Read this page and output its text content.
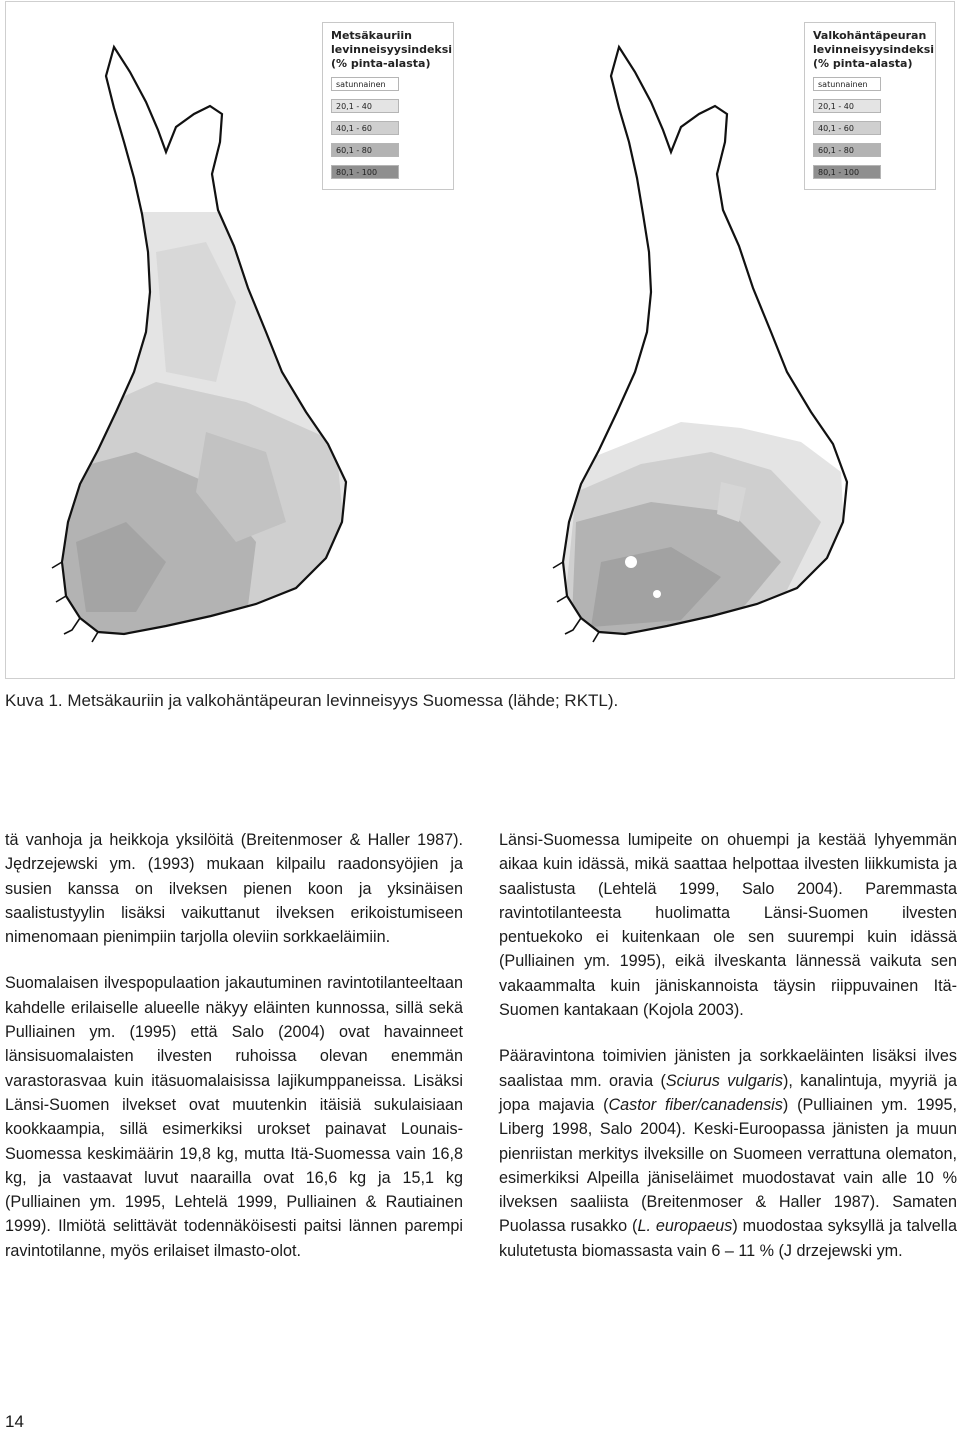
Metsäkauriin levinneisyysindeksi (% pinta-alasta)
satunnainen
20,1 - 40
40,1 - 60
60,1 - 80
80,1 - 100
Valkohäntäpeuran levinneisyysindeksi (% pinta-alasta)
satunnainen
20,1 - 40
40,1 - 60
60,1 - 80
80,1 - 100
Kuva 1. Metsäkauriin ja valkohäntäpeuran levinneisyys Suomessa (lähde; RKTL).

tä vanhoja ja heikkoja yksilöitä (Breitenmoser & Haller 1987). Jędrzejewski ym. (1993) mukaan kilpailu raadonsyöjien ja susien kanssa on ilveksen pienen koon ja yksinäisen saalistustyylin lisäksi vaikuttanut ilveksen erikoistumiseen nimenomaan pienimpiin tarjolla oleviin sorkkaeläimiin.

Suomalaisen ilvespopulaation jakautuminen ravintotilanteeltaan kahdelle erilaiselle alueelle näkyy eläinten kunnossa, sillä sekä Pulliainen ym. (1995) että Salo (2004) ovat havainneet länsisuomalaisten ilvesten ruhoissa olevan enemmän varastorasvaa kuin itäsuomalaisissa lajikumppaneissa. Lisäksi Länsi-Suomen ilvekset ovat muutenkin itäisiä sukulaisiaan kookkaampia, sillä esimerkiksi urokset painavat Lounais-Suomessa keskimäärin 19,8 kg, mutta Itä-Suomessa vain 16,8 kg, ja vastaavat luvut naaraillа ovat 16,6 kg ja 15,1 kg (Pulliainen ym. 1995, Lehtelä 1999, Pulliainen & Rautiainen 1999). Ilmiötä selittävät todennäköisesti paitsi lännen parempi ravintotilanne, myös erilaiset ilmasto-olot.

Länsi-Suomessa lumipeite on ohuempi ja kestää lyhyemmän aikaa kuin idässä, mikä saattaa helpottaa ilvesten liikkumista ja saalistusta (Lehtelä 1999, Salo 2004). Paremmasta ravintotilanteesta huolimatta Länsi-Suomen ilvesten pentuekoko ei kuitenkaan ole sen suurempi kuin idässä (Pulliainen ym. 1995), eikä ilveskanta lännessä vaikuta sen vakaammalta kuin jäniskannoista täysin riippuvainen Itä-Suomen kantakaan (Kojola 2003).

Pääravintona toimivien jänisten ja sorkkaeläinten lisäksi ilves saalistaa mm. oravia (Sciurus vulgaris), kanalintuja, myyriä ja jopa majavia (Castor fiber/canadensis) (Pulliainen ym. 1995, Liberg 1998, Salo 2004). Keski-Euroopassa jänisten ja muun pienriistan merkitys ilveksille on Suomeen verrattuna olematon, esimerkiksi Alpeilla jäniseläimet muodostavat vain alle 10 % ilveksen saaliista (Breitenmoser & Haller 1987). Samaten Puolassa rusakko (L. europaeus) muodostaa syksyllä ja talvella kulutetusta biomassasta vain 6 – 11 % (J drzejewski ym.

14
